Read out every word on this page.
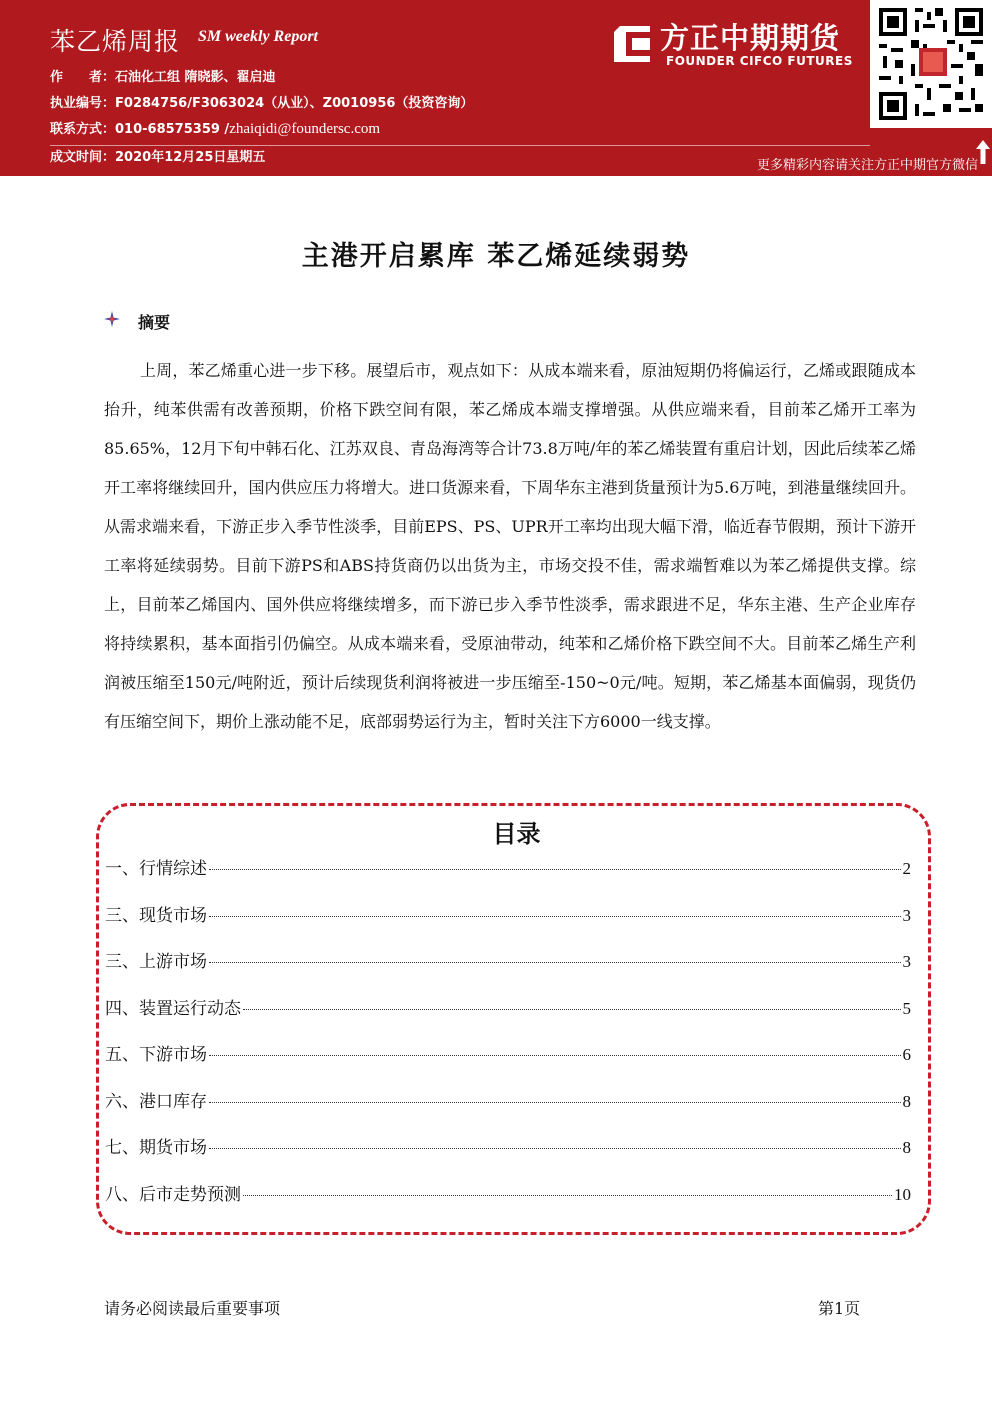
苯乙烯周报 SM weekly Report
作　　者：石油化工组 隋晓影、翟启迪
执业编号：F0284756/F3063024（从业）、Z0010956（投资咨询）
联系方式：010-68575359 /zhaiqidi@foundersc.com
成文时间：2020年12月25日星期五
方正中期期货
FOUNDER CIFCO FUTURES
更多精彩内容请关注方正中期官方微信
主港开启累库 苯乙烯延续弱势
摘要

上周，苯乙烯重心进一步下移。展望后市，观点如下：从成本端来看，原油短期仍将偏运行，乙烯或跟随成本抬升，纯苯供需有改善预期，价格下跌空间有限，苯乙烯成本端支撑增强。从供应端来看，目前苯乙烯开工率为85.65%，12月下旬中韩石化、江苏双良、青岛海湾等合计73.8万吨/年的苯乙烯装置有重启计划，因此后续苯乙烯开工率将继续回升，国内供应压力将增大。进口货源来看，下周华东主港到货量预计为5.6万吨，到港量继续回升。从需求端来看，下游正步入季节性淡季，目前EPS、PS、UPR开工率均出现大幅下滑，临近春节假期，预计下游开工率将延续弱势。目前下游PS和ABS持货商仍以出货为主，市场交投不佳，需求端暂难以为苯乙烯提供支撑。综上，目前苯乙烯国内、国外供应将继续增多，而下游已步入季节性淡季，需求跟进不足，华东主港、生产企业库存将持续累积，基本面指引仍偏空。从成本端来看，受原油带动，纯苯和乙烯价格下跌空间不大。目前苯乙烯生产利润被压缩至150元/吨附近，预计后续现货利润将被进一步压缩至-150~0元/吨。短期，苯乙烯基本面偏弱，现货仍有压缩空间下，期价上涨动能不足，底部弱势运行为主，暂时关注下方6000一线支撑。

目录
一、行情综述	2
三、现货市场	3
三、上游市场	3
四、装置运行动态	5
五、下游市场	6
六、港口库存	8
七、期货市场	8
八、后市走势预测	10
请务必阅读最后重要事项	第1页
